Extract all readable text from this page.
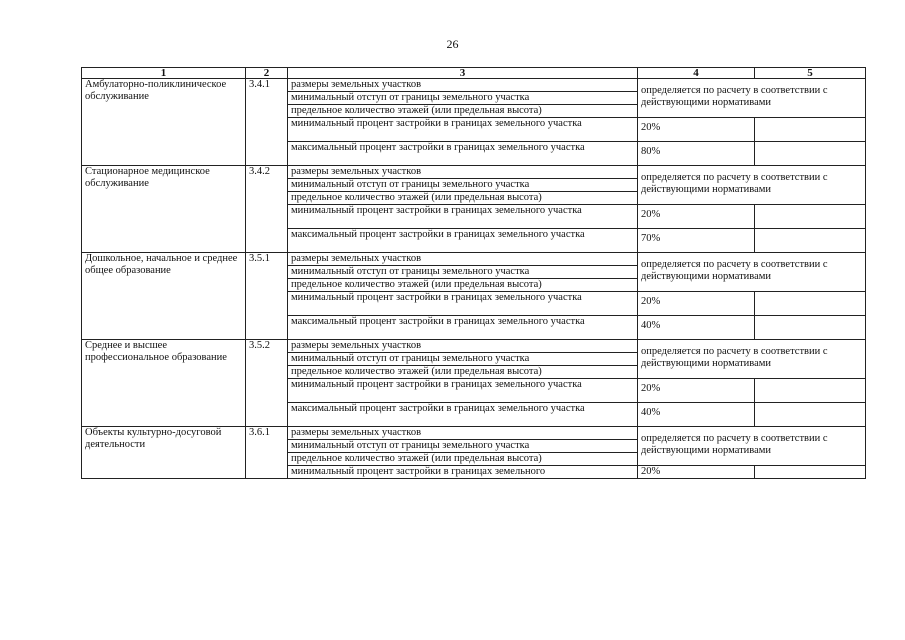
26
1	2	3	4	5
Амбулаторно-поликлиническое обслуживание	3.4.1	размеры земельных участков	определяется по расчету в соответствии с действующими нормативами	
		минимальный отступ от границы земельного участка		
		предельное количество этажей (или предельная высота)		
		минимальный процент застройки в границах земельного участка	20%	
		максимальный процент застройки в границах земельного участка	80%	
Стационарное медицинское обслуживание	3.4.2	размеры земельных участков	определяется по расчету в соответствии с действующими нормативами	
		минимальный отступ от границы земельного участка		
		предельное количество этажей (или предельная высота)		
		минимальный процент застройки в границах земельного участка	20%	
		максимальный процент застройки в границах земельного участка	70%	
Дошкольное, начальное и среднее общее образование	3.5.1	размеры земельных участков	определяется по расчету в соответствии с действующими нормативами	
		минимальный отступ от границы земельного участка		
		предельное количество этажей (или предельная высота)		
		минимальный процент застройки в границах земельного участка	20%	
		максимальный процент застройки в границах земельного участка	40%	
Среднее и высшее профессиональное образование	3.5.2	размеры земельных участков	определяется по расчету в соответствии с действующими нормативами	
		минимальный отступ от границы земельного участка		
		предельное количество этажей (или предельная высота)		
		минимальный процент застройки в границах земельного участка	20%	
		максимальный процент застройки в границах земельного участка	40%	
Объекты культурно-досуговой деятельности	3.6.1	размеры земельных участков	определяется по расчету в соответствии с действующими нормативами	
		минимальный отступ от границы земельного участка		
		предельное количество этажей (или предельная высота)		
		минимальный процент застройки в границах земельного	20%	
